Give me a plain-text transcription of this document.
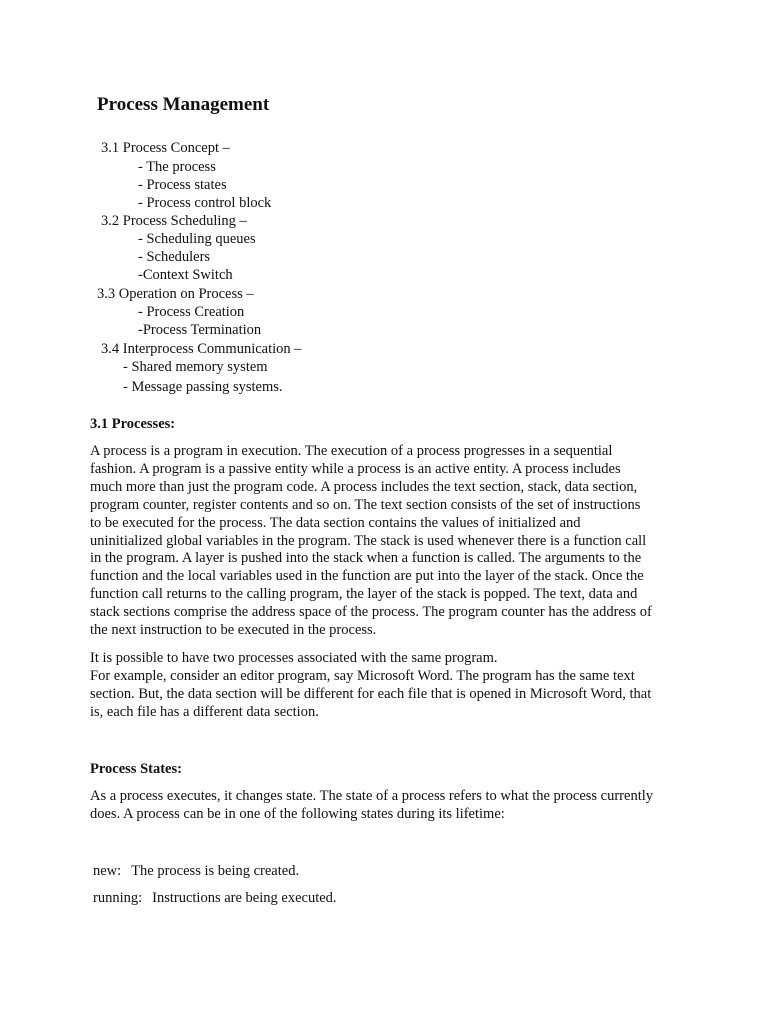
Process Management
3.1 Process Concept –
- The process
- Process states
- Process control block
3.2 Process Scheduling –
- Scheduling queues
- Schedulers
-Context Switch
3.3 Operation on Process –
- Process Creation
-Process Termination
3.4 Interprocess Communication –
- Shared memory system
- Message passing systems.
3.1 Processes:

A process is a program in execution. The execution of a process progresses in a sequential
fashion. A program is a passive entity while a process is an active entity. A process includes
much more than just the program code. A process includes the text section, stack, data section,
program counter, register contents and so on. The text section consists of the set of instructions
to be executed for the process. The data section contains the values of initialized and
uninitialized global variables in the program. The stack is used whenever there is a function call
in the program. A layer is pushed into the stack when a function is called. The arguments to the
function and the local variables used in the function are put into the layer of the stack. Once the
function call returns to the calling program, the layer of the stack is popped. The text, data and
stack sections comprise the address space of the process. The program counter has the address of
the next instruction to be executed in the process.

It is possible to have two processes associated with the same program.
For example, consider an editor program, say Microsoft Word. The program has the same text
section. But, the data section will be different for each file that is opened in Microsoft Word, that
is, each file has a different data section.

Process States:

As a process executes, it changes state. The state of a process refers to what the process currently
does. A process can be in one of the following states during its lifetime:

new: The process is being created.
running: Instructions are being executed.
